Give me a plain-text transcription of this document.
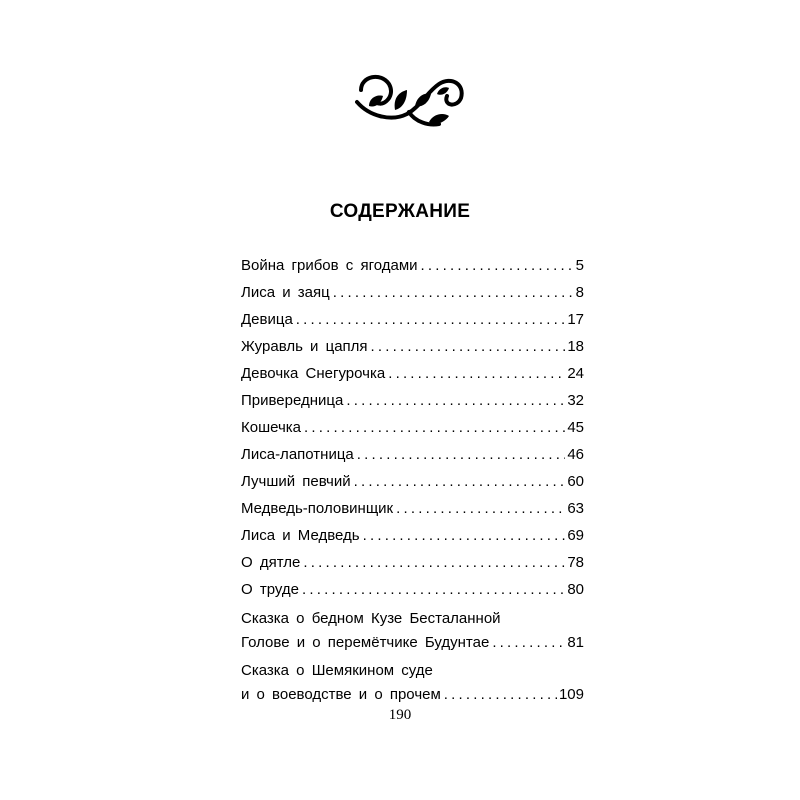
СОДЕРЖАНИЕ
Война грибов с ягодами .....	5
Лиса и заяц .....	8
Девица .....	17
Журавль и цапля .....	18
Девочка Снегурочка .....	24
Привередница .....	32
Кошечка .....	45
Лиса-лапотница .....	46
Лучший певчий .....	60
Медведь-половинщик .....	63
Лиса и Медведь .....	69
О дятле .....	78
О труде .....	80
Сказка о бедном Кузе Бесталанной
Голове и о перемётчике Будунтае .....	81
Сказка о Шемякином суде
и о воеводстве и о прочем .....	109
190
